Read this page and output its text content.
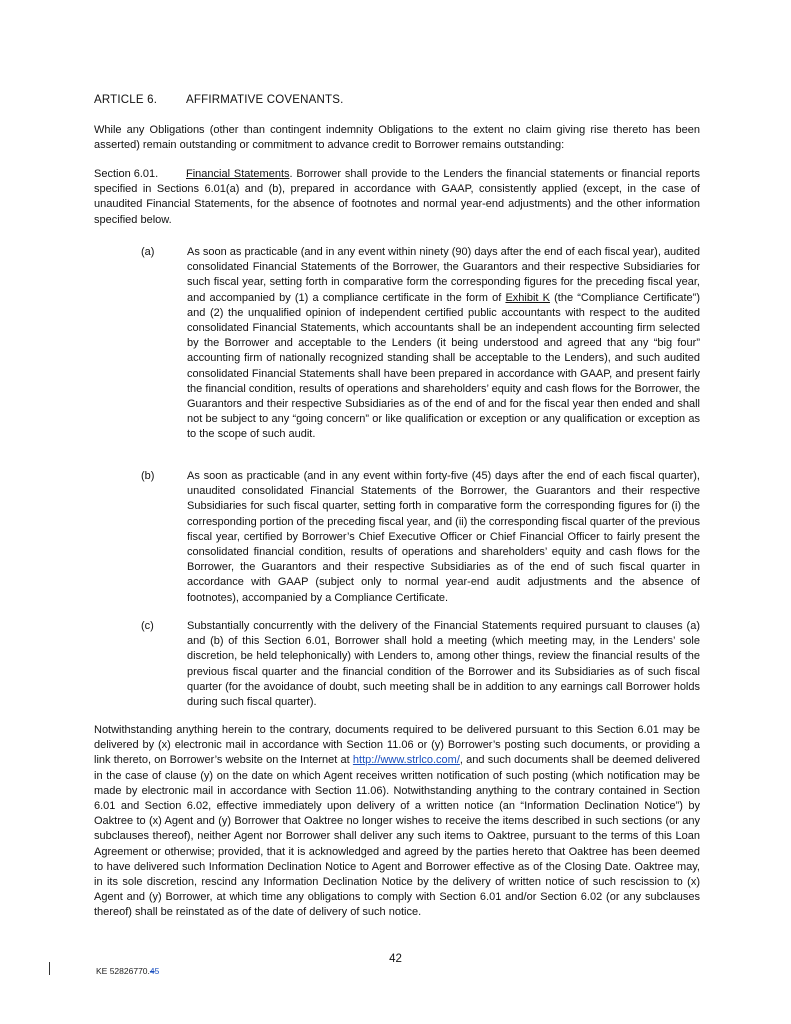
ARTICLE 6.	AFFIRMATIVE COVENANTS.
While any Obligations (other than contingent indemnity Obligations to the extent no claim giving rise thereto has been asserted) remain outstanding or commitment to advance credit to Borrower remains outstanding:
Section 6.01.	Financial Statements. Borrower shall provide to the Lenders the financial statements or financial reports specified in Sections 6.01(a) and (b), prepared in accordance with GAAP, consistently applied (except, in the case of unaudited Financial Statements, for the absence of footnotes and normal year-end adjustments) and the other information specified below.
(a)	As soon as practicable (and in any event within ninety (90) days after the end of each fiscal year), audited consolidated Financial Statements of the Borrower, the Guarantors and their respective Subsidiaries for such fiscal year, setting forth in comparative form the corresponding figures for the preceding fiscal year, and accompanied by (1) a compliance certificate in the form of Exhibit K (the “Compliance Certificate”) and (2) the unqualified opinion of independent certified public accountants with respect to the audited consolidated Financial Statements, which accountants shall be an independent accounting firm selected by the Borrower and acceptable to the Lenders (it being understood and agreed that any “big four” accounting firm of nationally recognized standing shall be acceptable to the Lenders), and such audited consolidated Financial Statements shall have been prepared in accordance with GAAP, and present fairly the financial condition, results of operations and shareholders’ equity and cash flows for the Borrower, the Guarantors and their respective Subsidiaries as of the end of and for the fiscal year then ended and shall not be subject to any “going concern” or like qualification or exception or any qualification or exception as to the scope of such audit.
(b)	As soon as practicable (and in any event within forty-five (45) days after the end of each fiscal quarter), unaudited consolidated Financial Statements of the Borrower, the Guarantors and their respective Subsidiaries for such fiscal quarter, setting forth in comparative form the corresponding figures for (i) the corresponding portion of the preceding fiscal year, and (ii) the corresponding fiscal quarter of the previous fiscal year, certified by Borrower’s Chief Executive Officer or Chief Financial Officer to fairly present the consolidated financial condition, results of operations and shareholders’ equity and cash flows for the Borrower, the Guarantors and their respective Subsidiaries as of the end of such fiscal quarter in accordance with GAAP (subject only to normal year-end audit adjustments and the absence of footnotes), accompanied by a Compliance Certificate.
(c)	Substantially concurrently with the delivery of the Financial Statements required pursuant to clauses (a) and (b) of this Section 6.01, Borrower shall hold a meeting (which meeting may, in the Lenders’ sole discretion, be held telephonically) with Lenders to, among other things, review the financial results of the previous fiscal quarter and the financial condition of the Borrower and its Subsidiaries as of such fiscal quarter (for the avoidance of doubt, such meeting shall be in addition to any earnings call Borrower holds during such fiscal quarter).
Notwithstanding anything herein to the contrary, documents required to be delivered pursuant to this Section 6.01 may be delivered by (x) electronic mail in accordance with Section 11.06 or (y) Borrower’s posting such documents, or providing a link thereto, on Borrower’s website on the Internet at http://www.strlco.com/, and such documents shall be deemed delivered in the case of clause (y) on the date on which Agent receives written notification of such posting (which notification may be made by electronic mail in accordance with Section 11.06). Notwithstanding anything to the contrary contained in Section 6.01 and Section 6.02, effective immediately upon delivery of a written notice (an “Information Declination Notice”) by Oaktree to (x) Agent and (y) Borrower that Oaktree no longer wishes to receive the items described in such sections (or any subclauses thereof), neither Agent nor Borrower shall deliver any such items to Oaktree, pursuant to the terms of this Loan Agreement or otherwise; provided, that it is acknowledged and agreed by the parties hereto that Oaktree has been deemed to have delivered such Information Declination Notice to Agent and Borrower effective as of the Closing Date. Oaktree may, in its sole discretion, rescind any Information Declination Notice by the delivery of written notice of such rescission to (x) Agent and (y) Borrower, at which time any obligations to comply with Section 6.01 and/or Section 6.02 (or any subclauses thereof) shall be reinstated as of the date of delivery of such notice.
42
KE 52826770.45
